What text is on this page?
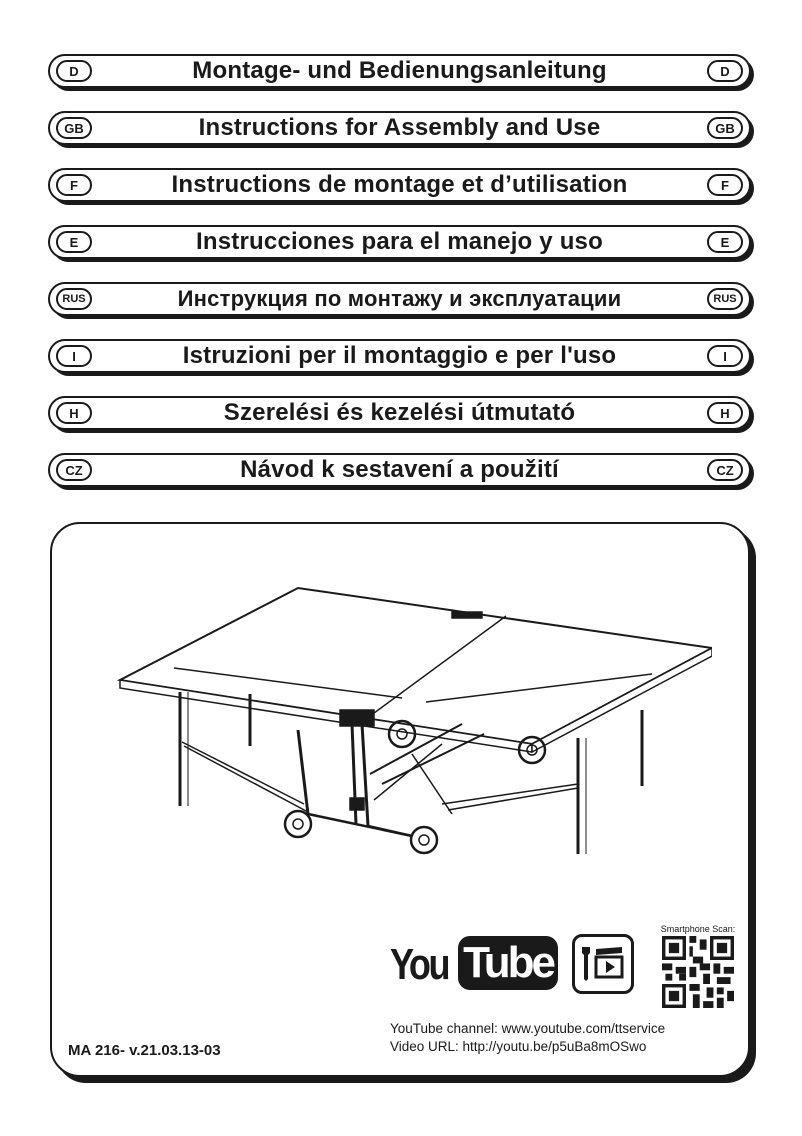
D	Montage- und Bedienungsanleitung	D
GB	Instructions for Assembly and Use	GB
F	Instructions de montage et d’utilisation	F
E	Instrucciones para el manejo y uso	E
RUS	Инструкция по монтажу и эксплуатации	RUS
I	Istruzioni per il montaggio e per l'uso	I
H	Szerelési és kezelési útmutató	H
CZ	Návod k sestavení a použití	CZ
You Tube
Smartphone Scan:
YouTube channel: www.youtube.com/ttservice
Video URL: http://youtu.be/p5uBa8mOSwo
MA 216- v.21.03.13-03
